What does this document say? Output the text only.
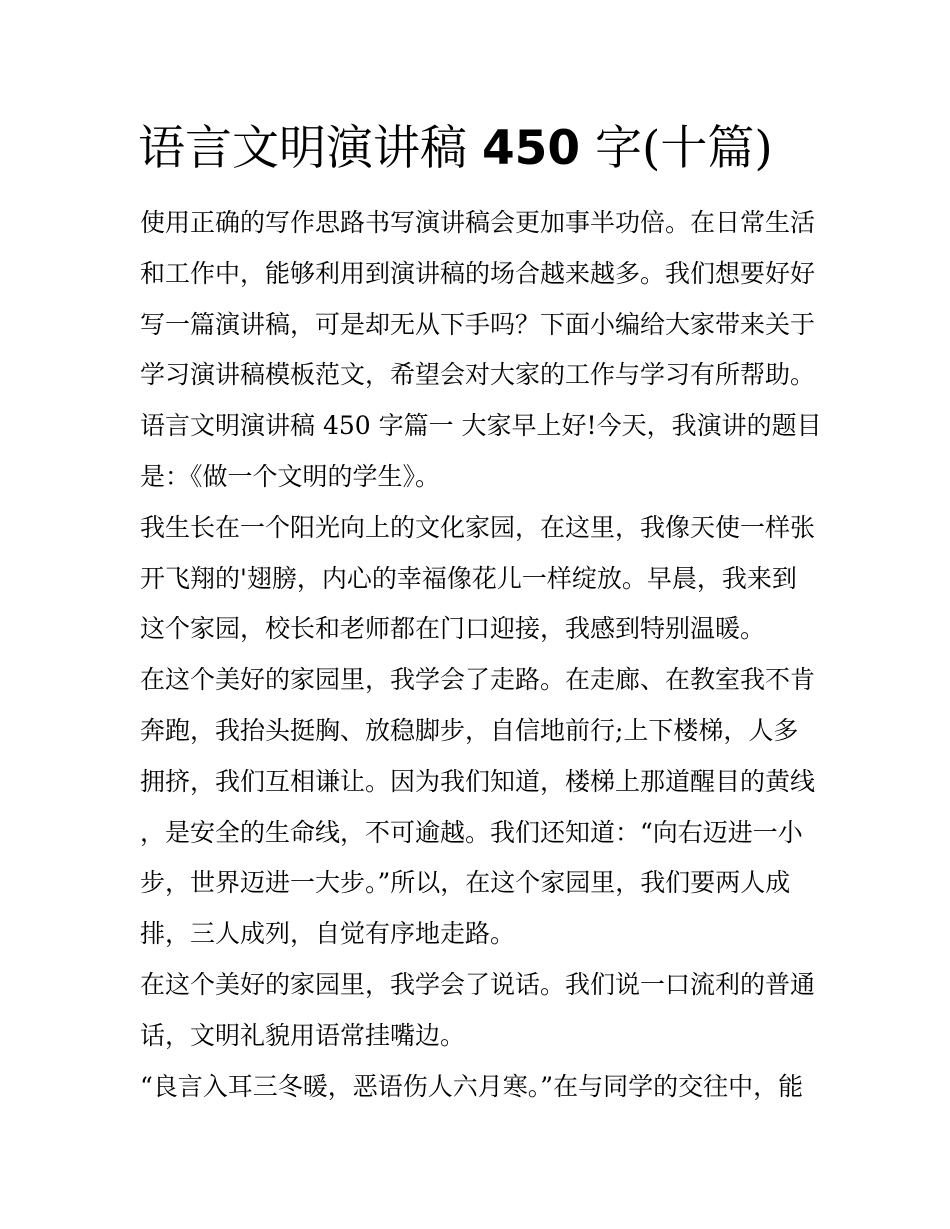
语言文明演讲稿 450 字(十篇)
使用正确的写作思路书写演讲稿会更加事半功倍。在日常生活
和工作中，能够利用到演讲稿的场合越来越多。我们想要好好
写一篇演讲稿，可是却无从下手吗？下面小编给大家带来关于
学习演讲稿模板范文，希望会对大家的工作与学习有所帮助。
语言文明演讲稿 450 字篇一 大家早上好!今天，我演讲的题目
是：《做一个文明的学生》。
我生长在一个阳光向上的文化家园，在这里，我像天使一样张
开飞翔的'翅膀，内心的幸福像花儿一样绽放。早晨，我来到
这个家园，校长和老师都在门口迎接，我感到特别温暖。
在这个美好的家园里，我学会了走路。在走廊、在教室我不肯
奔跑，我抬头挺胸、放稳脚步，自信地前行;上下楼梯，人多
拥挤，我们互相谦让。因为我们知道，楼梯上那道醒目的黄线
，是安全的生命线，不可逾越。我们还知道：“向右迈进一小
步，世界迈进一大步。”所以，在这个家园里，我们要两人成
排，三人成列，自觉有序地走路。
在这个美好的家园里，我学会了说话。我们说一口流利的普通
话，文明礼貌用语常挂嘴边。
“良言入耳三冬暖，恶语伤人六月寒。”在与同学的交往中，能
